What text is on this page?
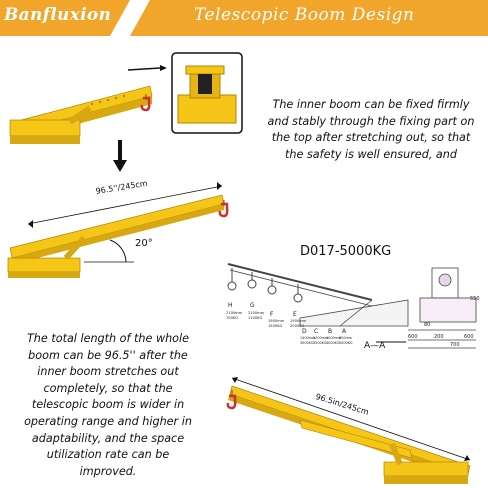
Banfluxion	Telescopic Boom Design
H	G
F	E
D C B A
2100mm
700KG
2100mm
1100KG
1900mm
1500KG
1900mm
2000KG
1400mm
3000KG
1200mm
3500KG
1000mm
4000KG
850mm
5000KG
550
80
200	600
700
600
96.5''/245cm
20°
D017-5000KG
A—A
96.5in/245cm
The inner boom can be fixed firmly and stably through the fixing part on the top after stretching out, so that the safety is well ensured, and
The total length of the whole boom can be 96.5'' after the inner boom stretches out completely, so that the telescopic boom is wider in operating range and higher in adaptability, and the space utilization rate can be improved.
